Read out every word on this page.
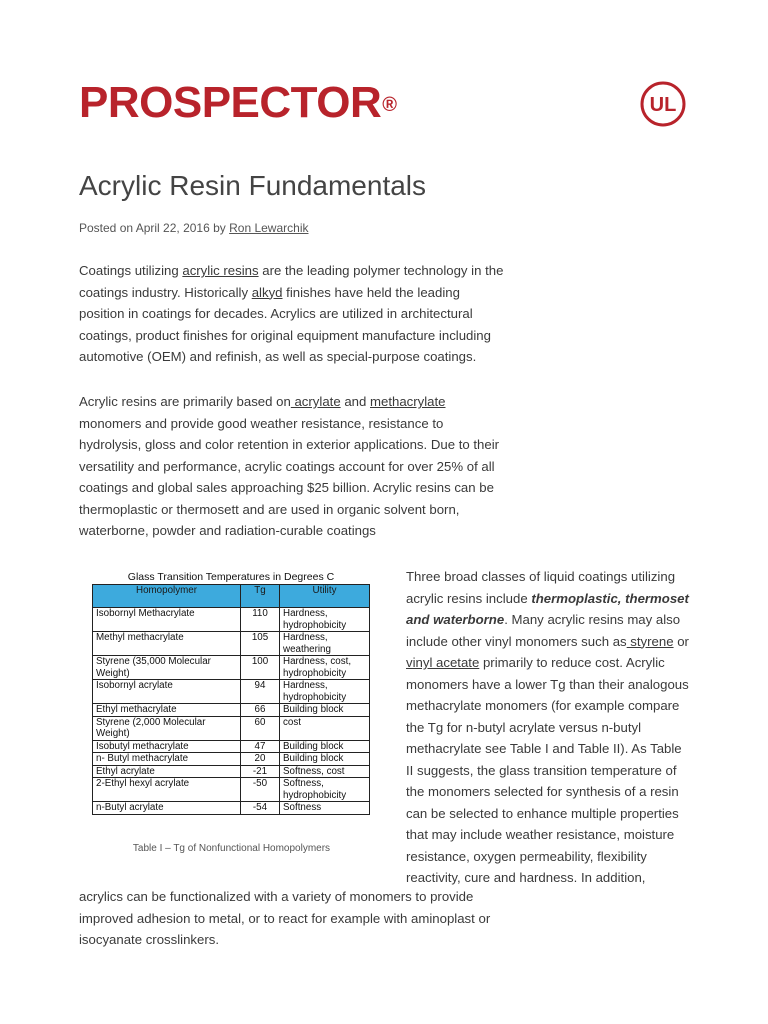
PROSPECTOR®	UL
Acrylic Resin Fundamentals
Posted on April 22, 2016 by Ron Lewarchik

Coatings utilizing acrylic resins are the leading polymer technology in the coatings industry. Historically alkyd finishes have held the leading position in coatings for decades. Acrylics are utilized in architectural coatings, product finishes for original equipment manufacture including automotive (OEM) and refinish, as well as special-purpose coatings.

Acrylic resins are primarily based on acrylate and methacrylate monomers and provide good weather resistance, resistance to hydrolysis, gloss and color retention in exterior applications. Due to their versatility and performance, acrylic coatings account for over 25% of all coatings and global sales approaching $25 billion. Acrylic resins can be thermoplastic or thermosett and are used in organic solvent born, waterborne, powder and radiation-curable coatings

Glass Transition Temperatures in Degrees C

Homopolymer	Tg	Utility
Isobornyl Methacrylate	110	Hardness, hydrophobicity
Methyl methacrylate	105	Hardness, weathering
Styrene (35,000 Molecular Weight)	100	Hardness, cost, hydrophobicity
Isobornyl acrylate	94	Hardness, hydrophobicity
Ethyl methacrylate	66	Building block
Styrene (2,000 Molecular Weight)	60	cost
Isobutyl methacrylate	47	Building block
n- Butyl methacrylate	20	Building block
Ethyl acrylate	-21	Softness, cost
2-Ethyl hexyl acrylate	-50	Softness, hydrophobicity
n-Butyl acrylate	-54	Softness
Table I – Tg of Nonfunctional Homopolymers

Three broad classes of liquid coatings utilizing acrylic resins include thermoplastic, thermoset and waterborne. Many acrylic resins may also include other vinyl monomers such as styrene or vinyl acetate primarily to reduce cost. Acrylic monomers have a lower Tg than their analogous methacrylate monomers (for example compare the Tg for n-butyl acrylate versus n-butyl methacrylate see Table I and Table II). As Table II suggests, the glass transition temperature of the monomers selected for synthesis of a resin can be selected to enhance multiple properties that may include weather resistance, moisture resistance, oxygen permeability, flexibility reactivity, cure and hardness. In addition,

acrylics can be functionalized with a variety of monomers to provide improved adhesion to metal, or to react for example with aminoplast or isocyanate crosslinkers.
